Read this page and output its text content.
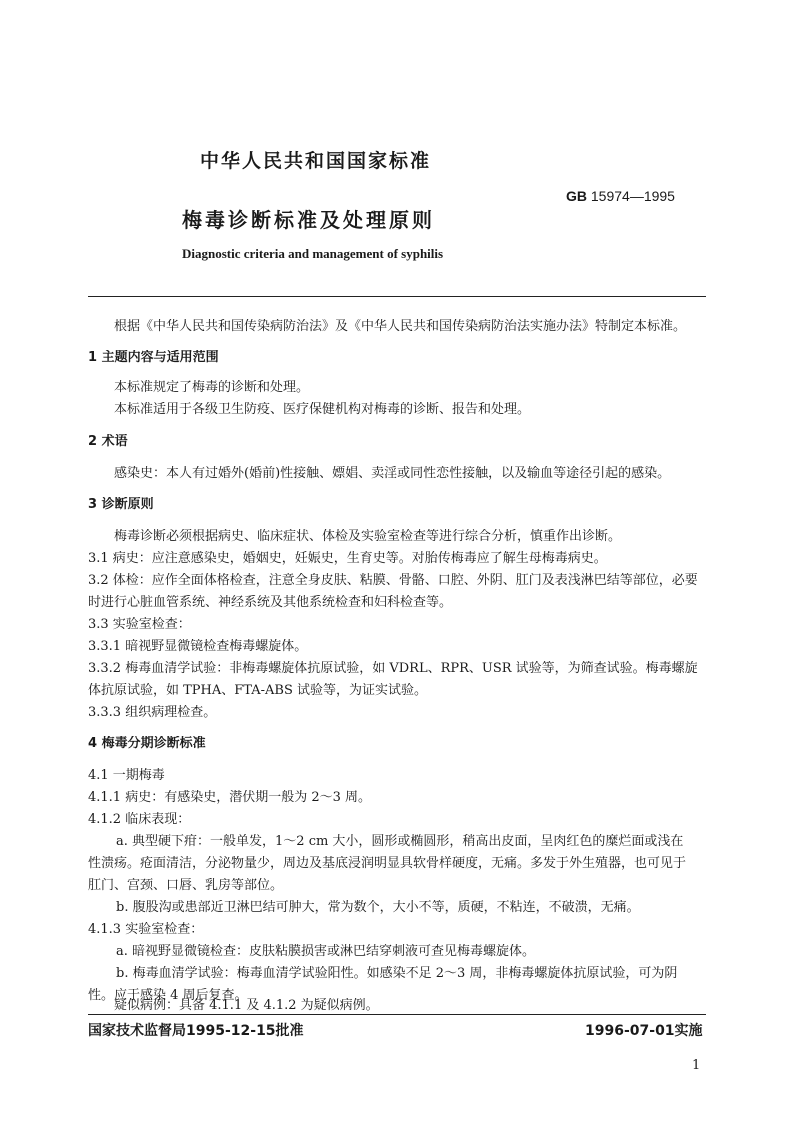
中华人民共和国国家标准
GB 15974—1995
梅毒诊断标准及处理原则
Diagnostic criteria and management of syphilis
根据《中华人民共和国传染病防治法》及《中华人民共和国传染病防治法实施办法》特制定本标准。
1 主题内容与适用范围
本标准规定了梅毒的诊断和处理。
本标准适用于各级卫生防疫、医疗保健机构对梅毒的诊断、报告和处理。
2 术语
感染史：本人有过婚外(婚前)性接触、嫖娼、卖淫或同性恋性接触，以及输血等途径引起的感染。
3 诊断原则
梅毒诊断必须根据病史、临床症状、体检及实验室检查等进行综合分析，慎重作出诊断。
3.1 病史：应注意感染史，婚姻史，妊娠史，生育史等。对胎传梅毒应了解生母梅毒病史。
3.2 体检：应作全面体格检查，注意全身皮肤、粘膜、骨骼、口腔、外阴、肛门及表浅淋巴结等部位，必要
时进行心脏血管系统、神经系统及其他系统检查和妇科检查等。
3.3 实验室检查：
3.3.1 暗视野显微镜检查梅毒螺旋体。
3.3.2 梅毒血清学试验：非梅毒螺旋体抗原试验，如 VDRL、RPR、USR 试验等，为筛查试验。梅毒螺旋
体抗原试验，如 TPHA、FTA-ABS 试验等，为证实试验。
3.3.3 组织病理检查。
4 梅毒分期诊断标准
4.1 一期梅毒
4.1.1 病史：有感染史，潜伏期一般为 2～3 周。
4.1.2 临床表现：
a. 典型硬下疳：一般单发，1～2 cm 大小，圆形或椭圆形，稍高出皮面，呈肉红色的糜烂面或浅在
性溃疡。疮面清洁，分泌物量少，周边及基底浸润明显具软骨样硬度，无痛。多发于外生殖器，也可见于
肛门、宫颈、口唇、乳房等部位。
b. 腹股沟或患部近卫淋巴结可肿大，常为数个，大小不等，质硬，不粘连，不破溃，无痛。
4.1.3 实验室检查：
a. 暗视野显微镜检查：皮肤粘膜损害或淋巴结穿刺液可查见梅毒螺旋体。
b. 梅毒血清学试验：梅毒血清学试验阳性。如感染不足 2～3 周，非梅毒螺旋体抗原试验，可为阴
性。应于感染 4 周后复查。
疑似病例：具备 4.1.1 及 4.1.2 为疑似病例。
国家技术监督局1995-12-15批准	1996-07-01实施
1
